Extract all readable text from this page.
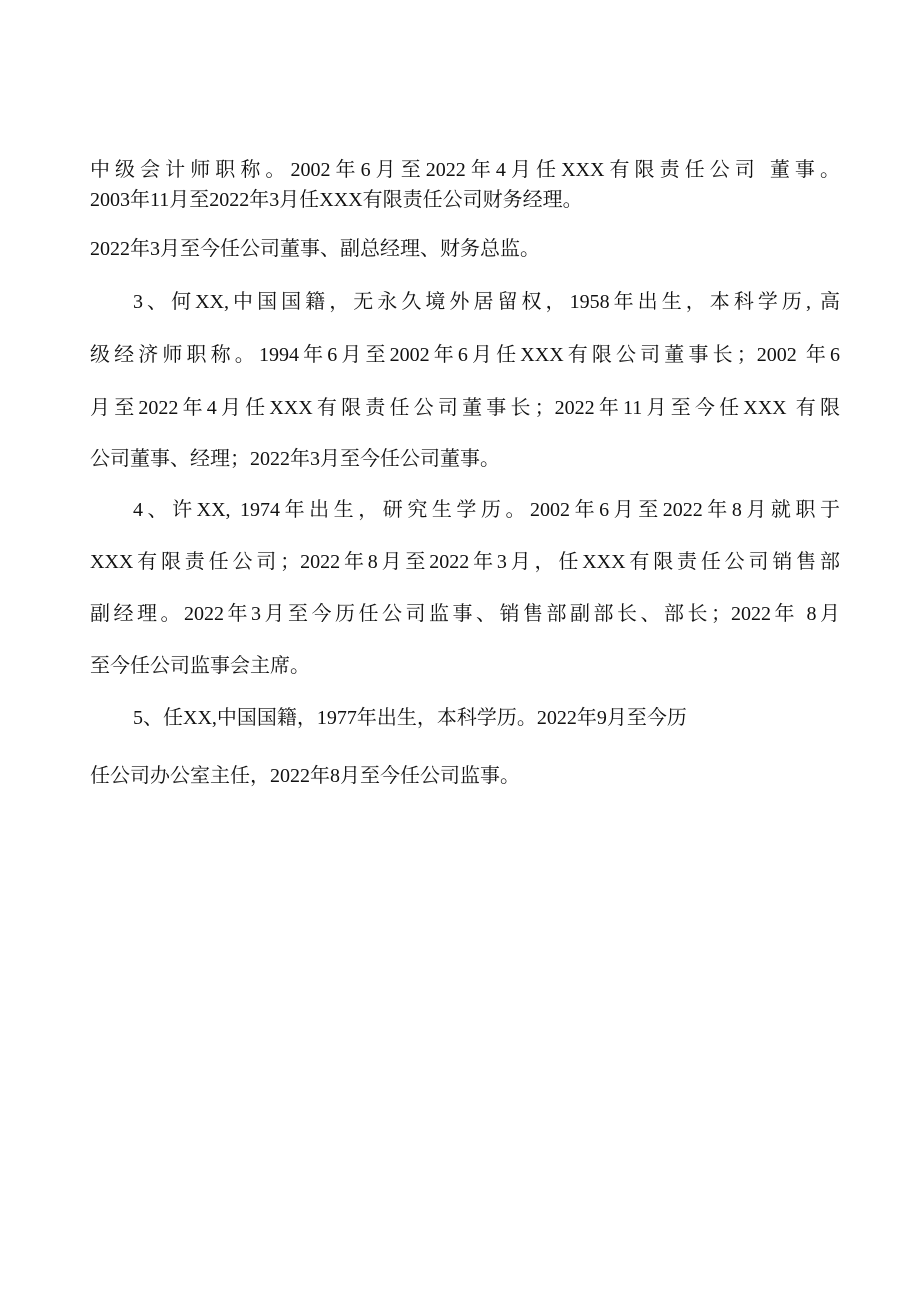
中级会计师职称。2002年6月至2022年4月任XXX有限责任公司 董事。
2003年11月至2022年3月任XXX有限责任公司财务经理。
2022年3月至今任公司董事、副总经理、财务总监。
3、何XX,中国国籍，无永久境外居留权，1958年出生，本科学历, 高
级经济师职称。1994年6月至2002年6月任XXX有限公司董事长；2002 年6
月至2022年4月任XXX有限责任公司董事长；2022年11月至今任XXX 有限
公司董事、经理；2022年3月至今任公司董事。
4、许XX, 1974年出生，研究生学历。2002年6月至2022年8月就职于
XXX有限责任公司；2022年8月至2022年3月，任XXX有限责任公司销售部
副经理。2022年3月至今历任公司监事、销售部副部长、部长；2022年 8月
至今任公司监事会主席。
5、任XX,中国国籍，1977年出生，本科学历。2022年9月至今历
任公司办公室主任，2022年8月至今任公司监事。
